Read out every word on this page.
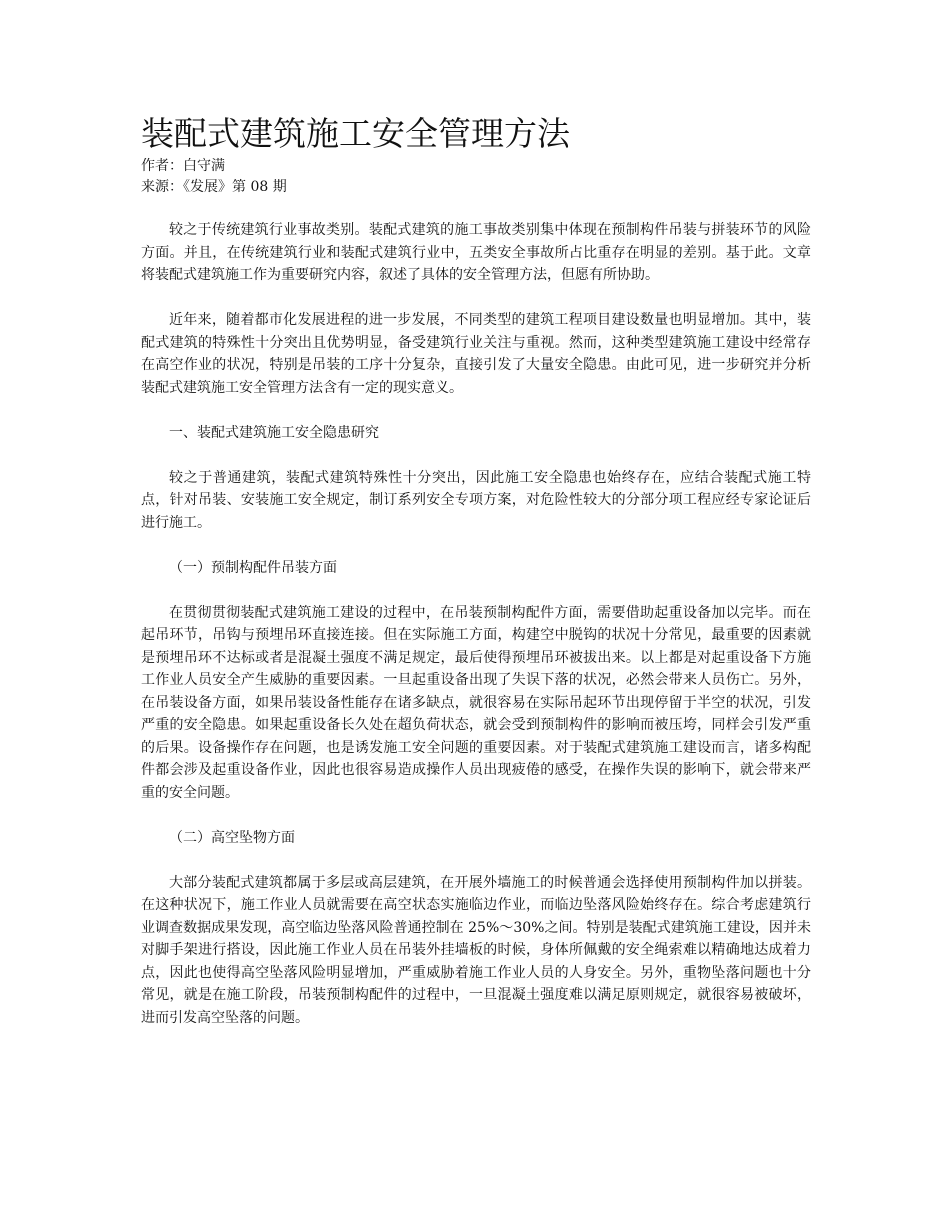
装配式建筑施工安全管理方法

作者：白守满

来源：《发展》第 08 期

较之于传统建筑行业事故类别。装配式建筑的施工事故类别集中体现在预制构件吊装与拼装环节的风险方面。并且，在传统建筑行业和装配式建筑行业中，五类安全事故所占比重存在明显的差别。基于此。文章将装配式建筑施工作为重要研究内容，叙述了具体的安全管理方法，但愿有所协助。

近年来，随着都市化发展进程的进一步发展，不同类型的建筑工程项目建设数量也明显增加。其中，装配式建筑的特殊性十分突出且优势明显，备受建筑行业关注与重视。然而，这种类型建筑施工建设中经常存在高空作业的状况，特别是吊装的工序十分复杂，直接引发了大量安全隐患。由此可见，进一步研究并分析装配式建筑施工安全管理方法含有一定的现实意义。

一、装配式建筑施工安全隐患研究

较之于普通建筑，装配式建筑特殊性十分突出，因此施工安全隐患也始终存在，应结合装配式施工特点，针对吊装、安装施工安全规定，制订系列安全专项方案，对危险性较大的分部分项工程应经专家论证后进行施工。

（一）预制构配件吊装方面

在贯彻贯彻装配式建筑施工建设的过程中，在吊装预制构配件方面，需要借助起重设备加以完毕。而在起吊环节，吊钩与预埋吊环直接连接。但在实际施工方面，构建空中脱钩的状况十分常见，最重要的因素就是预埋吊环不达标或者是混凝土强度不满足规定，最后使得预埋吊环被拔出来。以上都是对起重设备下方施工作业人员安全产生威胁的重要因素。一旦起重设备出现了失误下落的状况，必然会带来人员伤亡。另外，在吊装设备方面，如果吊装设备性能存在诸多缺点，就很容易在实际吊起环节出现停留于半空的状况，引发严重的安全隐患。如果起重设备长久处在超负荷状态，就会受到预制构件的影响而被压垮，同样会引发严重的后果。设备操作存在问题，也是诱发施工安全问题的重要因素。对于装配式建筑施工建设而言，诸多构配件都会涉及起重设备作业，因此也很容易造成操作人员出现疲倦的感受，在操作失误的影响下，就会带来严重的安全问题。

（二）高空坠物方面

大部分装配式建筑都属于多层或高层建筑，在开展外墙施工的时候普通会选择使用预制构件加以拼装。在这种状况下，施工作业人员就需要在高空状态实施临边作业，而临边坠落风险始终存在。综合考虑建筑行业调查数据成果发现，高空临边坠落风险普通控制在 25%～30%之间。特别是装配式建筑施工建设，因并未对脚手架进行搭设，因此施工作业人员在吊装外挂墙板的时候，身体所佩戴的安全绳索难以精确地达成着力点，因此也使得高空坠落风险明显增加，严重威胁着施工作业人员的人身安全。另外，重物坠落问题也十分常见，就是在施工阶段，吊装预制构配件的过程中，一旦混凝土强度难以满足原则规定，就很容易被破坏，进而引发高空坠落的问题。
